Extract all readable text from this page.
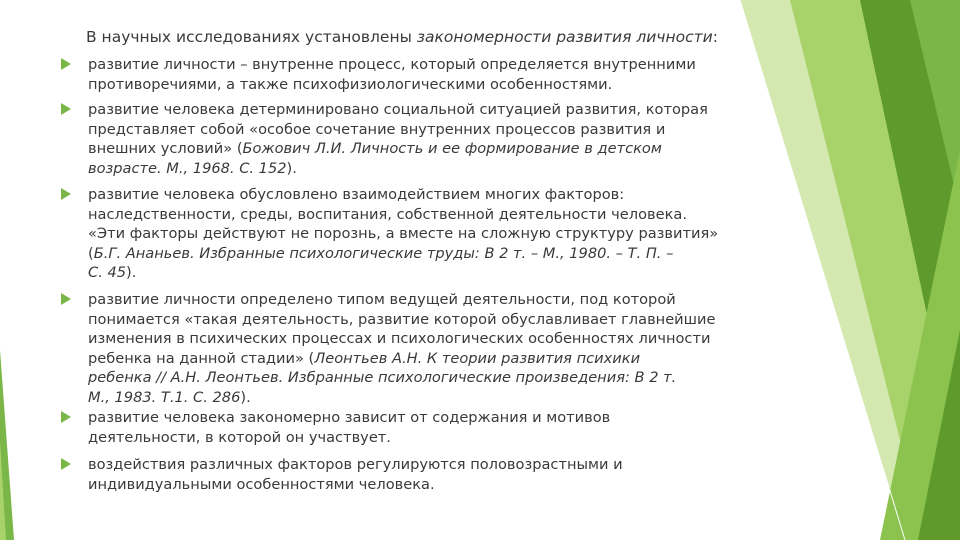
В научных исследованиях установлены закономерности развития личности:
развитие личности – внутренне процесс, который определяется внутренними
противоречиями, а также психофизиологическими особенностями.
развитие человека детерминировано социальной ситуацией развития, которая
представляет собой «особое сочетание внутренних процессов развития и
внешних условий» (Божович Л.И. Личность и ее формирование в детском
возрасте. М., 1968. С. 152).
развитие человека обусловлено взаимодействием многих факторов:
наследственности, среды, воспитания, собственной деятельности человека.
«Эти факторы действуют не порознь, а вместе на сложную структуру развития»
(Б.Г. Ананьев. Избранные психологические труды: В 2 т. – М., 1980. – Т. П. –
С. 45).
развитие личности определено типом ведущей деятельности, под которой
понимается «такая деятельность, развитие которой обуславливает главнейшие
изменения в психических процессах и психологических особенностях личности
ребенка на данной стадии» (Леонтьев А.Н. К теории развития психики
ребенка // А.Н. Леонтьев. Избранные психологические произведения: В 2 т.
М., 1983. Т.1. С. 286).
развитие человека закономерно зависит от содержания и мотивов
деятельности, в которой он участвует.
воздействия различных факторов регулируются половозрастными и
индивидуальными особенностями человека.
